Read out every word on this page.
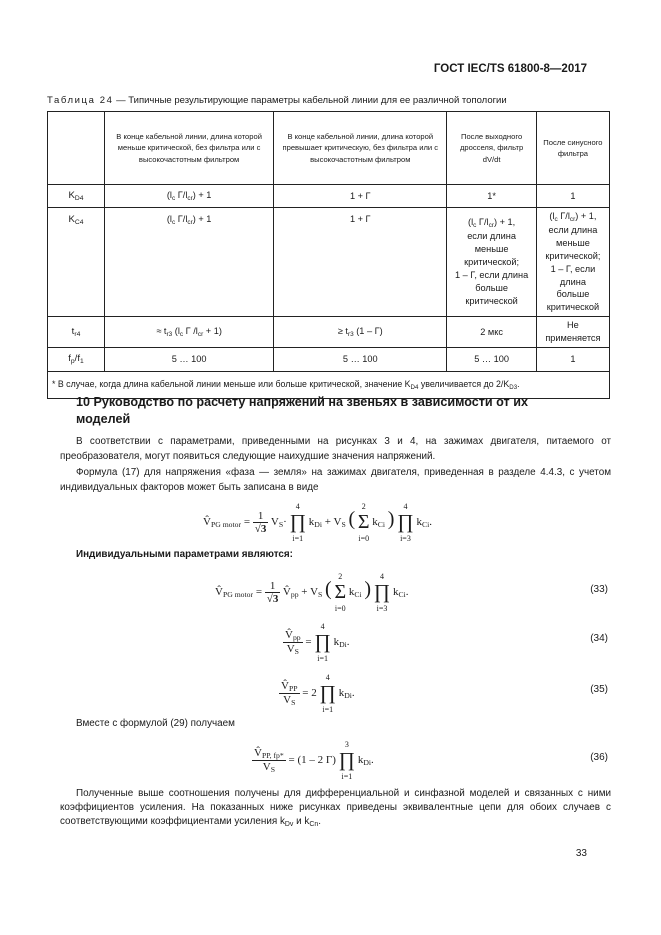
ГОСТ IEC/TS 61800-8—2017
Таблица 24 — Типичные результирующие параметры кабельной линии для ее различной топологии
	В конце кабельной линии, длина которой меньше критической, без фильтра или с высокочастотным фильтром	В конце кабельной линии, длина которой превышает критическую, без фильтра или с высокочастотным фильтром	После выходного дросселя, фильтр dV/dt	После синусного фильтра
$K_{D4}$	($l_c$ $\Gamma/l_{cr}) + 1$	1 + Γ	1*	1
$K_{C4}$	($l_c$ $\Gamma/l_{cr}) + 1$	1 + Γ	($l_c$ $\Gamma/l_{cr}) + 1$,
если длина меньше
критической;
1 – Γ, если длина
больше критической	($l_c$ $\Gamma/l_{cr}) + 1$,
если длина меньше
критической;
1 – Γ, если длина
больше критической
$t_{r4}$	≈ $t_{r3}$ ($l_c$ Γ $/l_{cr} + 1$)	≥ $t_{r3}$ (1 – Γ)	2 мкс	Не применяется
$f_p/f_1$	5 … 100	5 … 100	5 … 100	1
* В случае, когда длина кабельной линии меньше или больше критической, значение $K_{D4}$ увеличивается до $2/K_{D3}$.				
10 Руководство по расчету напряжений на звеньях в зависимости от их моделей
В соответствии с параметрами, приведенными на рисунках 3 и 4, на зажимах двигателя, питаемого от преобразователя, могут появиться следующие наихудшие значения напряжений.
Формула (17) для напряжения «фаза — земля» на зажимах двигателя, приведенная в разделе 4.4.3, с учетом индивидуальных факторов может быть записана в виде
$V̂_{PG motor} = \frac{1}{√3} V_S\cdot$
4
∏
i=1
$k_{Di} + V_S$ (
2
Σ
i=0
$k_{Ci}$ )
4
∏
i=3
$k_{Ci}$.
Индивидуальными параметрами являются:
$V̂_{PG motor} = \frac{1}{√3}$ $V̂_{pp} + V_S$ (
2
Σ
i=0
$k_{Ci}$ )
4
∏
i=3
$k_{Ci}$.	(33)
$\frac{V̂_{pp}}{V_S}$ =
4
∏
i=1
$k_{Di}$.	(34)
$\frac{V̂_{PP}}{V_S} = 2$
4
∏
i=1
$k_{Di}$.	(35)
Вместе с формулой (29) получаем
$\frac{V̂_{PP, fp*}}{V_S} = (1 - 2$ Γ)
3
∏
i=1
$k_{Di}$.	(36)
Полученные выше соотношения получены для дифференциальной и синфазной моделей и связанных с ними коэффициентов усиления. На показанных ниже рисунках приведены эквивалентные цепи для обоих случаев с соответствующими коэффициентами усиления $k_{Dv}$ и $k_{Cn}$.
33
